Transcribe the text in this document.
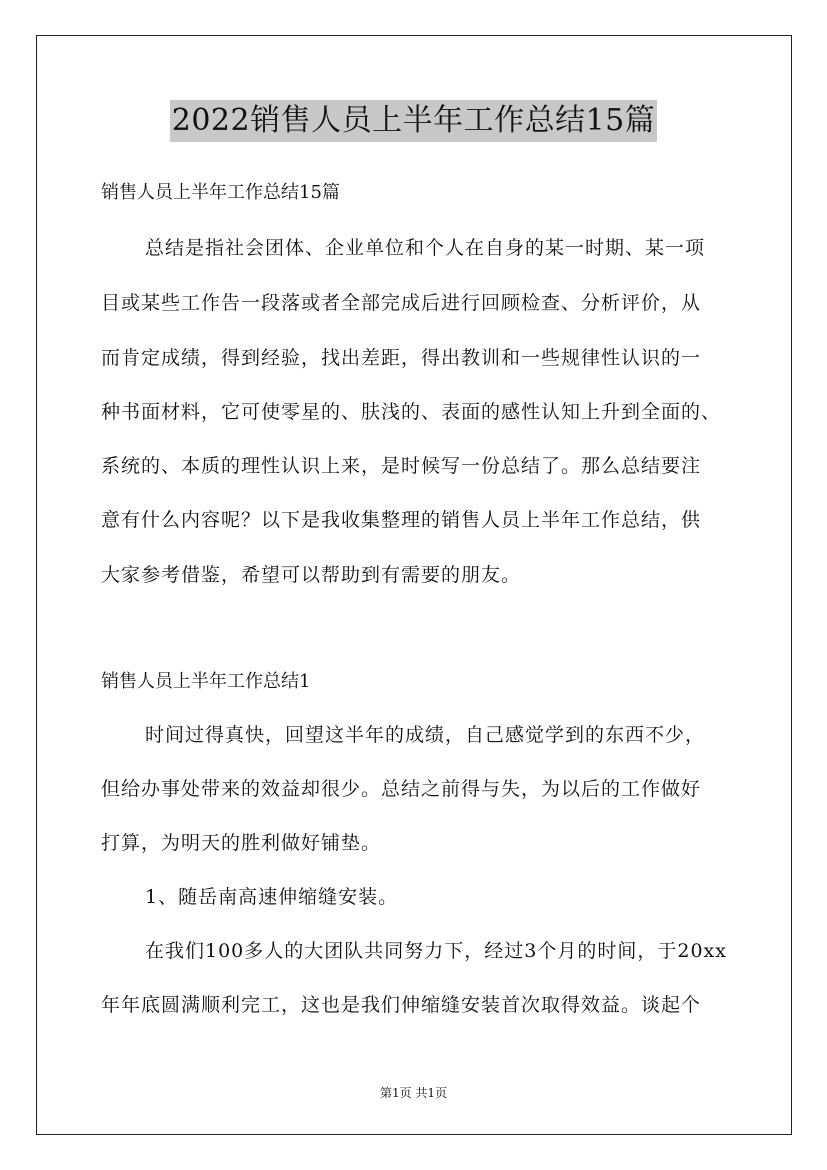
2022销售人员上半年工作总结15篇
销售人员上半年工作总结15篇
总结是指社会团体、企业单位和个人在自身的某一时期、某一项
目或某些工作告一段落或者全部完成后进行回顾检查、分析评价，从
而肯定成绩，得到经验，找出差距，得出教训和一些规律性认识的一
种书面材料，它可使零星的、肤浅的、表面的感性认知上升到全面的、
系统的、本质的理性认识上来，是时候写一份总结了。那么总结要注
意有什么内容呢？以下是我收集整理的销售人员上半年工作总结，供
大家参考借鉴，希望可以帮助到有需要的朋友。
销售人员上半年工作总结1
时间过得真快，回望这半年的成绩，自己感觉学到的东西不少，
但给办事处带来的效益却很少。总结之前得与失，为以后的工作做好
打算，为明天的胜利做好铺垫。
1、随岳南高速伸缩缝安装。
在我们100多人的大团队共同努力下，经过3个月的时间，于20xx
年年底圆满顺利完工，这也是我们伸缩缝安装首次取得效益。谈起个
第1页 共1页
